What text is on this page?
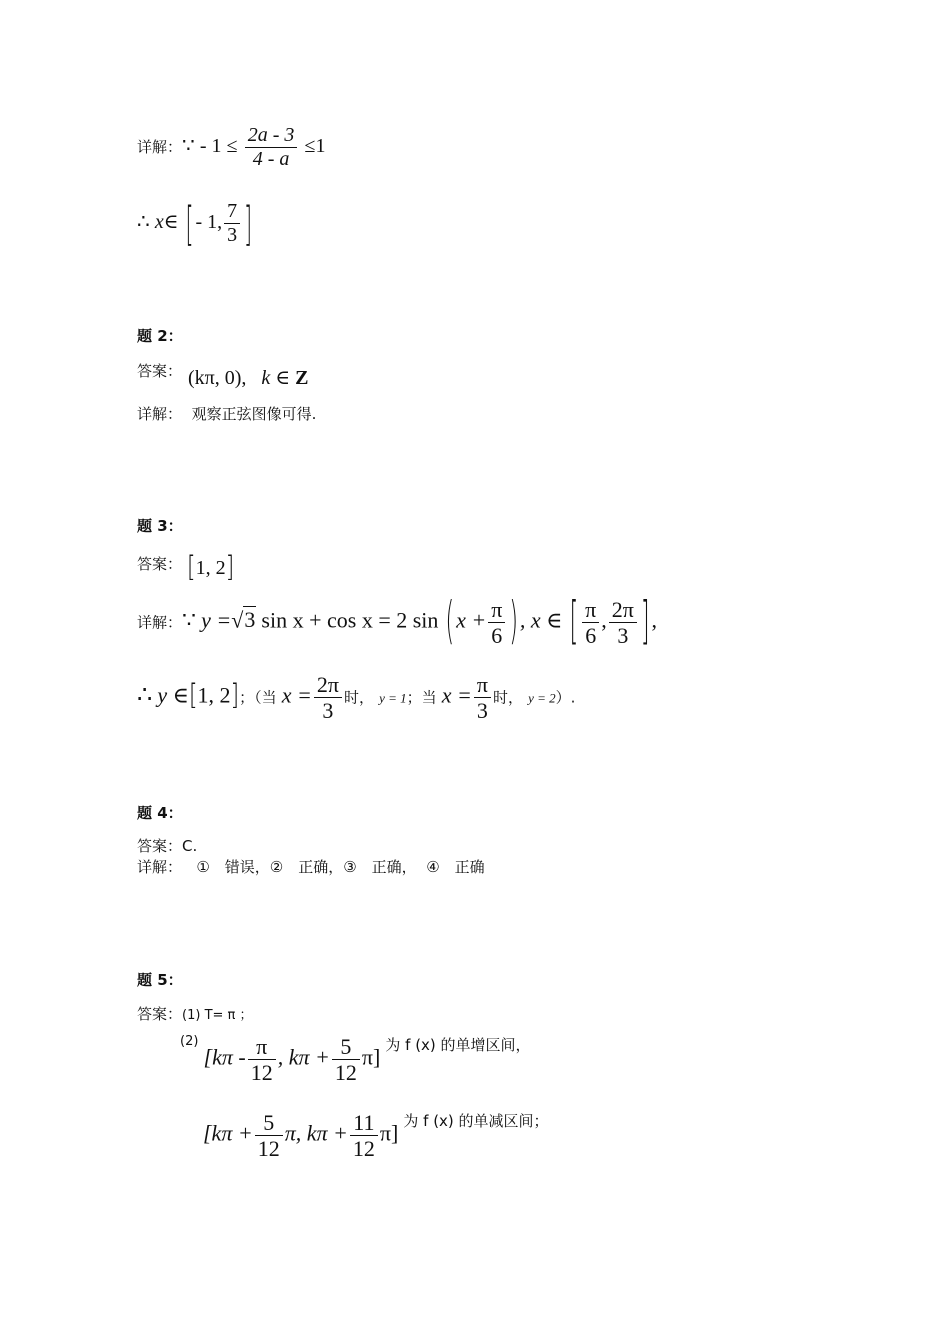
详解：∵ - $1 \le \frac{2a - 3}{4 - a} \le 1$
∴ x∈ [ - 1, $\frac{7}{3}$ ]
题 2：
答案： (kπ, 0), k ∈ Z
详解： 观察正弦图像可得.
题 3：
答案： [1, 2]
详解：∵ y =√3 sin x + cos x = 2 $\sin (x + \frac{\pi}{6}$ ), x ∈ [ $\frac{\pi}{6}$ , $\frac{2\pi}{3}$ ],
∴ y ∈[1, 2]；（当 $x = \frac{2\pi}{3}$ 时， y = 1；当 $x = \frac{\pi}{3}$ 时， y = 2）.
题 4：
答案：C.
详解： ①　错误，②　正确，③　正确， ④　正确
题 5：
答案：(1) T= π ；
$^{(2)}$ [$k\pi - \frac{\pi}{12}$ , $k\pi + \frac{5}{12} \pi$] 为 f (x) 的单增区间，
[$k\pi + \frac{5}{12} \pi$, $k\pi + \frac{11}{12} \pi$] 为 f (x) 的单减区间；
